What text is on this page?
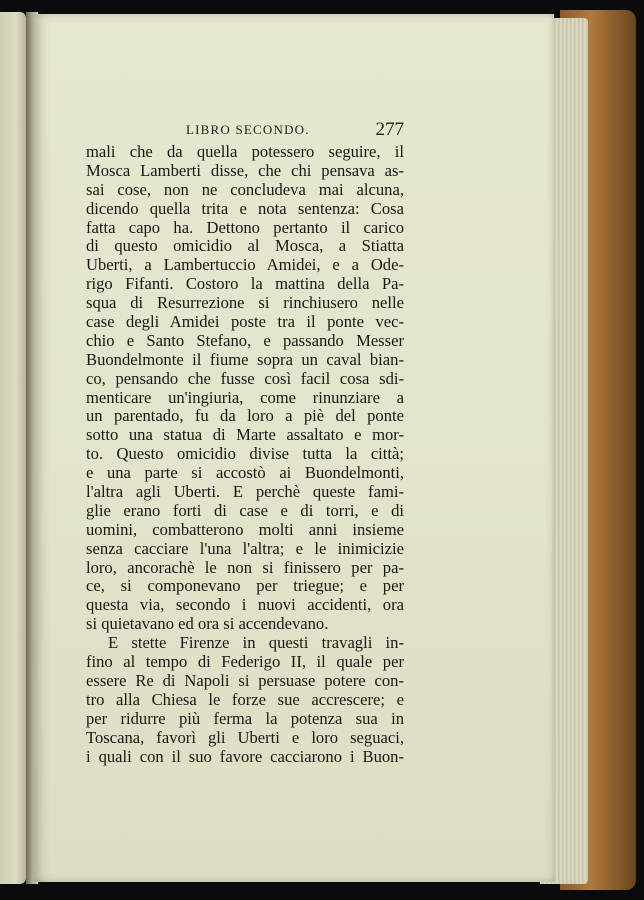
LIBRO SECONDO.	277
mali che da quella potessero seguire, il
Mosca Lamberti disse, che chi pensava as-
sai cose, non ne concludeva mai alcuna,
dicendo quella trita e nota sentenza: Cosa
fatta capo ha. Dettono pertanto il carico
di questo omicidio al Mosca, a Stiatta
Uberti, a Lambertuccio Amidei, e a Ode-
rigo Fifanti. Costoro la mattina della Pa-
squa di Resurrezione si rinchiusero nelle
case degli Amidei poste tra il ponte vec-
chio e Santo Stefano, e passando Messer
Buondelmonte il fiume sopra un caval bian-
co, pensando che fusse così facil cosa sdi-
menticare un'ingiuria, come rinunziare a
un parentado, fu da loro a piè del ponte
sotto una statua di Marte assaltato e mor-
to. Questo omicidio divise tutta la città;
e una parte si accostò ai Buondelmonti,
l'altra agli Uberti. E perchè queste fami-
glie erano forti di case e di torri, e di
uomini, combatterono molti anni insieme
senza cacciare l'una l'altra; e le inimicizie
loro, ancorachè le non si finissero per pa-
ce, si componevano per triegue; e per
questa via, secondo i nuovi accidenti, ora
si quietavano ed ora si accendevano.
E stette Firenze in questi travagli in-
fino al tempo di Federigo II, il quale per
essere Re di Napoli si persuase potere con-
tro alla Chiesa le forze sue accrescere; e
per ridurre più ferma la potenza sua in
Toscana, favorì gli Uberti e loro seguaci,
i quali con il suo favore cacciarono i Buon-
